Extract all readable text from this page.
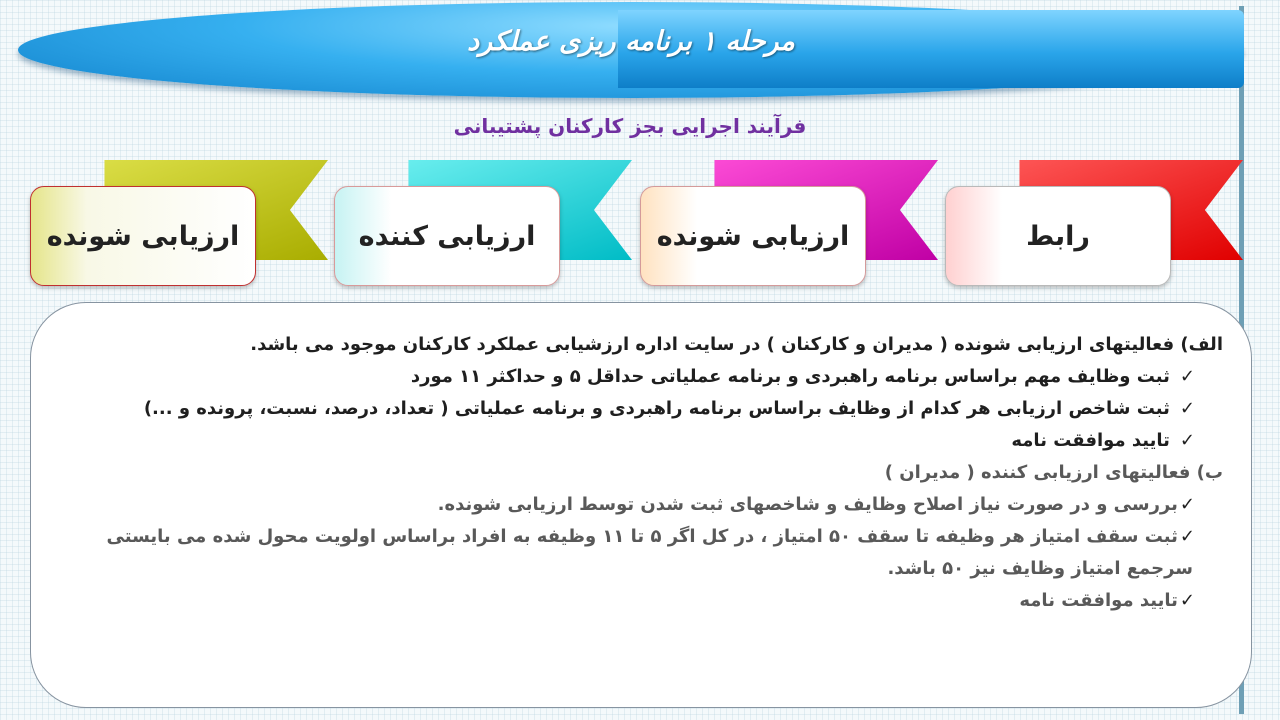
مرحله ۱ برنامه ریزی عملکرد
فرآیند اجرایی بجز کارکنان پشتیبانی
رابط
ارزیابی شونده
ارزیابی کننده
ارزیابی شونده

الف) فعالیتهای ارزیابی شونده ( مدیران و کارکنان ) در سایت اداره ارزشیابی عملکرد کارکنان موجود می باشد.

✓ثبت وظایف مهم براساس برنامه راهبردی و برنامه عملیاتی حداقل ۵ و حداکثر ۱۱ مورد

✓ثبت شاخص ارزیابی هر کدام از وظایف براساس برنامه راهبردی و برنامه عملیاتی ( تعداد، درصد، نسبت، پرونده و ...)

✓تایید موافقت نامه

ب) فعالیتهای ارزیابی کننده ( مدیران )

✓بررسی و در صورت نیاز اصلاح وظایف و شاخصهای ثبت شدن توسط ارزیابی شونده.

✓ثبت سقف امتیاز هر وظیفه تا سقف ۵۰ امتیاز ، در کل اگر ۵ تا ۱۱ وظیفه به افراد براساس اولویت محول شده می بایستی

سرجمع امتیاز وظایف نیز ۵۰ باشد.

✓تایید موافقت نامه
